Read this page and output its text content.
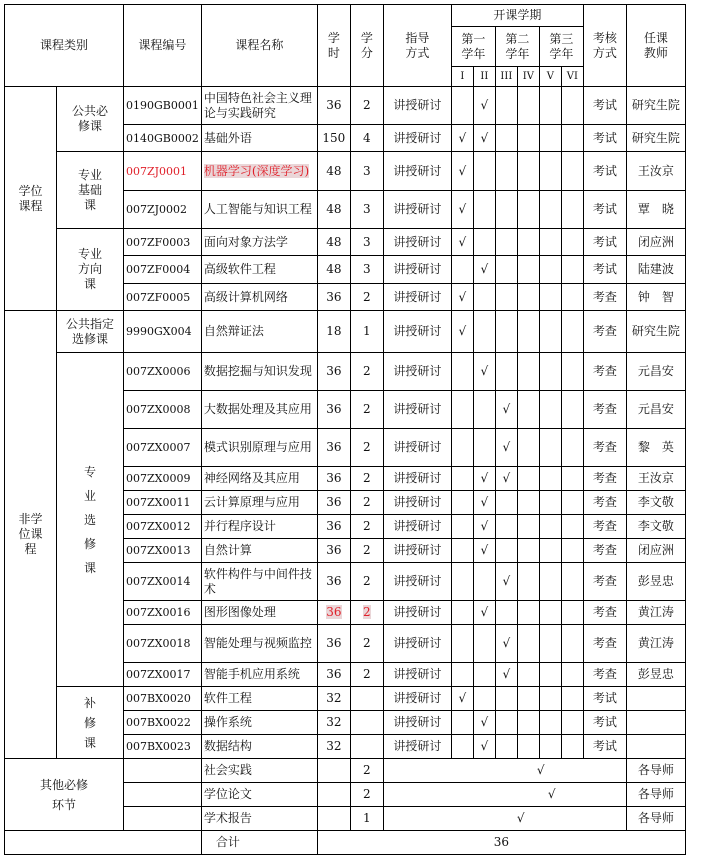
课程类别		课程编号	课程名称	学时	学分	指导方式	开课学期						考核方式	任课教师
							第一学年		第二学年		第三学年			
							I	II	III	IV	V	VI		
学位课程	公共必修课	0190GB0001	中国特色社会主义理论与实践研究	36	2	讲授研讨		√					考试	研究生院
		0140GB0002	基础外语	150	4	讲授研讨	√	√					考试	研究生院
	专业基础课	007ZJ0001	机器学习(深度学习)	48	3	讲授研讨	√						考试	王汝京
		007ZJ0002	人工智能与知识工程	48	3	讲授研讨	√						考试	覃　晓
	专业方向课	007ZF0003	面向对象方法学	48	3	讲授研讨	√						考试	闭应洲
		007ZF0004	高级软件工程	48	3	讲授研讨		√					考试	陆建波
		007ZF0005	高级计算机网络	36	2	讲授研讨	√						考查	钟　智
非学位课程	公共指定选修课	9990GX004	自然辩证法	18	1	讲授研讨	√						考查	研究生院
	专业选修课	007ZX0006	数据挖掘与知识发现	36	2	讲授研讨		√					考查	元昌安
		007ZX0008	大数据处理及其应用	36	2	讲授研讨			√				考查	元昌安
		007ZX0007	模式识别原理与应用	36	2	讲授研讨			√				考查	黎　英
		007ZX0009	神经网络及其应用	36	2	讲授研讨		√	√				考查	王汝京
		007ZX0011	云计算原理与应用	36	2	讲授研讨		√					考查	李文敬
		007ZX0012	并行程序设计	36	2	讲授研讨		√					考查	李文敬
		007ZX0013	自然计算	36	2	讲授研讨		√					考查	闭应洲
		007ZX0014	软件构件与中间件技术	36	2	讲授研讨			√				考查	彭昱忠
		007ZX0016	图形图像处理	36	2	讲授研讨		√					考查	黄江涛
		007ZX0018	智能处理与视频监控	36	2	讲授研讨			√				考查	黄江涛
		007ZX0017	智能手机应用系统	36	2	讲授研讨			√				考查	彭昱忠
	补修课	007BX0020	软件工程	32		讲授研讨	√						考试	
		007BX0022	操作系统	32		讲授研讨		√					考试	
		007BX0023	数据结构	32		讲授研讨		√					考试	
其他必修环节			社会实践		2	√								各导师
			学位论文		2	√								各导师
			学术报告		1	√								各导师
			合计	36										
